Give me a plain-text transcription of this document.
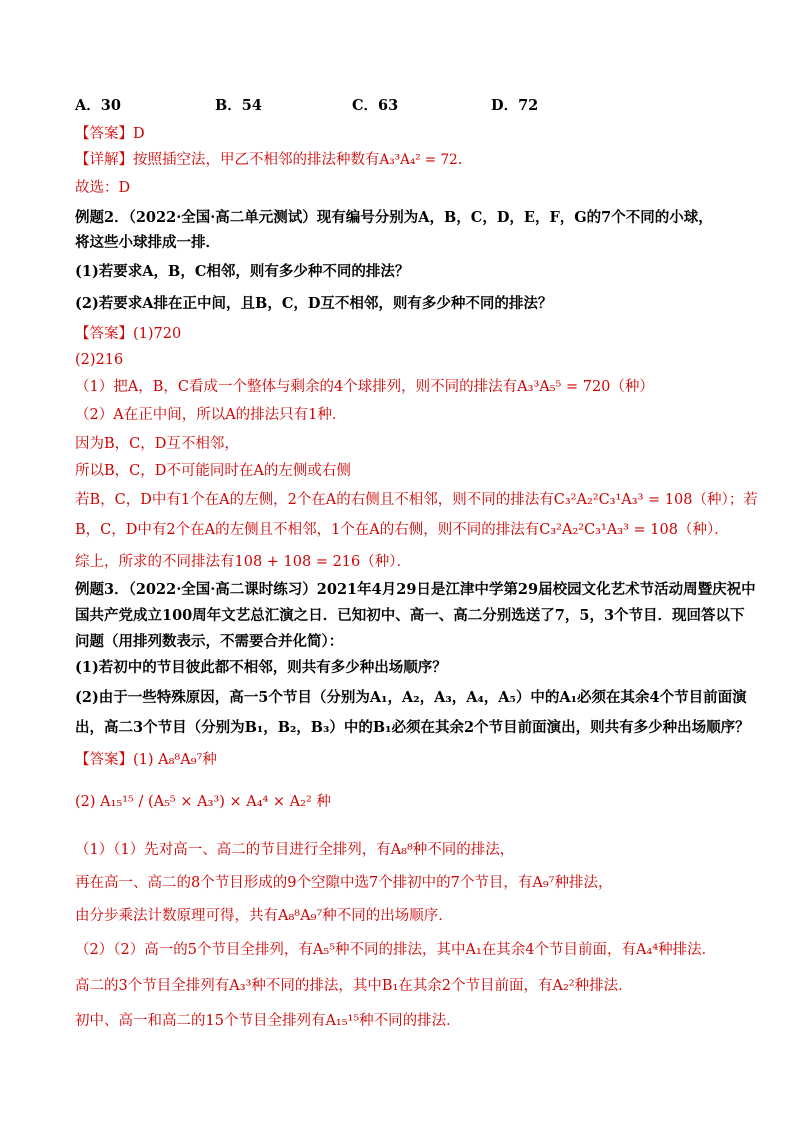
A．30	B．54	C．63	D．72
【答案】D
【详解】按照插空法，甲乙不相邻的排法种数有A₃³A₄² = 72.
故选：D
例题2．（2022·全国·高二单元测试）现有编号分别为A，B，C，D，E，F，G的7个不同的小球，
将这些小球排成一排．
(1)若要求A，B，C相邻，则有多少种不同的排法？
(2)若要求A排在正中间，且B，C，D互不相邻，则有多少种不同的排法？
【答案】(1)720
(2)216
（1）把A，B，C看成一个整体与剩余的4个球排列，则不同的排法有A₃³A₅⁵ = 720（种）
（2）A在正中间，所以A的排法只有1种．
因为B，C，D互不相邻，
所以B，C，D不可能同时在A的左侧或右侧
若B，C，D中有1个在A的左侧，2个在A的右侧且不相邻，则不同的排法有C₃²A₂²C₃¹A₃³ = 108（种）；若
B，C，D中有2个在A的左侧且不相邻，1个在A的右侧，则不同的排法有C₃²A₂²C₃¹A₃³ = 108（种）．
综上，所求的不同排法有108 + 108 = 216（种）．
例题3．（2022·全国·高二课时练习）2021年4月29日是江津中学第29届校园文化艺术节活动周暨庆祝中
国共产党成立100周年文艺总汇演之日．已知初中、高一、高二分别选送了7，5，3个节目．现回答以下
问题（用排列数表示，不需要合并化简）：
(1)若初中的节目彼此都不相邻，则共有多少种出场顺序？
(2)由于一些特殊原因，高一5个节目（分别为A₁，A₂，A₃，A₄，A₅）中的A₁必须在其余4个节目前面演
出，高二3个节目（分别为B₁，B₂，B₃）中的B₁必须在其余2个节目前面演出，则共有多少种出场顺序？
【答案】(1) A₈⁸A₉⁷种
(2) A₁₅¹⁵ / (A₅⁵ × A₃³) × A₄⁴ × A₂² 种
（1）（1）先对高一、高二的节目进行全排列，有A₈⁸种不同的排法，
再在高一、高二的8个节目形成的9个空隙中选7个排初中的7个节目，有A₉⁷种排法，
由分步乘法计数原理可得，共有A₈⁸A₉⁷种不同的出场顺序．
（2）（2）高一的5个节目全排列，有A₅⁵种不同的排法，其中A₁在其余4个节目前面，有A₄⁴种排法．
高二的3个节目全排列有A₃³种不同的排法，其中B₁在其余2个节目前面，有A₂²种排法．
初中、高一和高二的15个节目全排列有A₁₅¹⁵种不同的排法．
